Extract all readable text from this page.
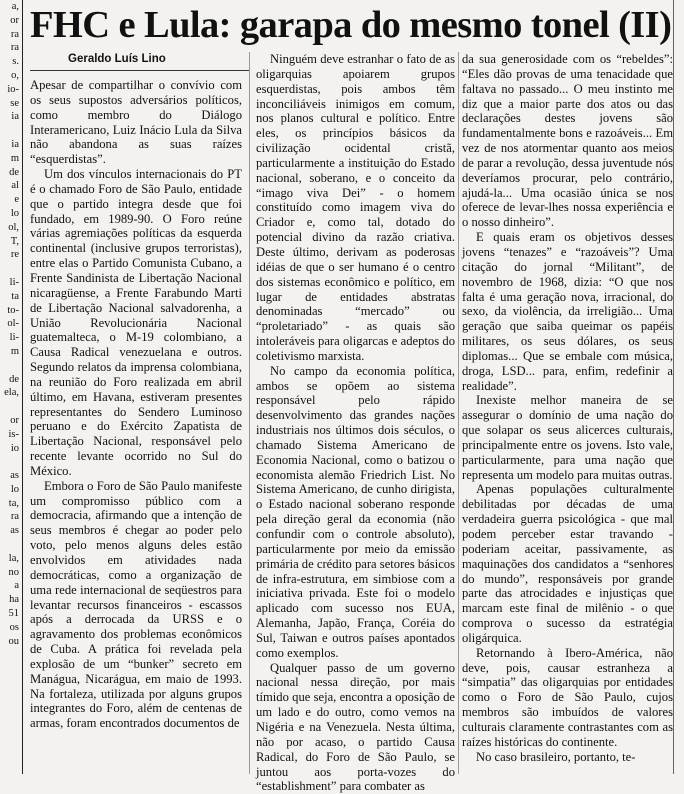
a,
or
ra
ra
s.
o,
io-
se
ia

ia
m
de
al
e
lo
ol,
T,
re

li-
ta
to-
ol-
li-
m

de
ela,

or
is-
io

as
lo
ta,
ra
as

la,
no
a
ha
51
os
ou
FHC e Lula: garapa do mesmo tonel (II)
Geraldo Luís Lino

Apesar de compartilhar o convívio com os seus supostos adversários políticos, como membro do Diálogo Interamericano, Luiz Inácio Lula da Silva não abandona as suas raízes “esquerdistas”.

Um dos vínculos internacionais do PT é o chamado Foro de São Paulo, entidade que o partido integra desde que foi fundado, em 1989-90. O Foro reúne várias agremiações políticas da esquerda continental (inclusive grupos terroristas), entre elas o Partido Comunista Cubano, a Frente Sandinista de Libertação Nacional nicaragüense, a Frente Farabundo Marti de Libertação Nacional salvadorenha, a União Revolucionária Nacional guatemalteca, o M-19 colombiano, a Causa Radical venezuelana e outros. Segundo relatos da imprensa colombiana, na reunião do Foro realizada em abril último, em Havana, estiveram presentes representantes do Sendero Luminoso peruano e do Exército Zapatista de Libertação Nacional, responsável pelo recente levante ocorrido no Sul do México.

Embora o Foro de São Paulo manifeste um compromisso público com a democracia, afirmando que a intenção de seus membros é chegar ao poder pelo voto, pelo menos alguns deles estão envolvidos em atividades nada democráticas, como a organização de uma rede internacional de seqüestros para levantar recursos financeiros - escassos após a derrocada da URSS e o agravamento dos problemas econômicos de Cuba. A prática foi revelada pela explosão de um “bunker” secreto em Manágua, Nicarágua, em maio de 1993. Na fortaleza, utilizada por alguns grupos integrantes do Foro, além de centenas de armas, foram encontrados documentos de

Ninguém deve estranhar o fato de as oligarquias apoiarem grupos esquerdistas, pois ambos têm inconciliáveis inimigos em comum, nos planos cultural e político. Entre eles, os princípios básicos da civilização ocidental cristã, particularmente a instituição do Estado nacional, soberano, e o conceito da “imago viva Dei” - o homem constituído como imagem viva do Criador e, como tal, dotado do potencial divino da razão criativa. Deste último, derivam as poderosas idéias de que o ser humano é o centro dos sistemas econômico e político, em lugar de entidades abstratas denominadas “mercado” ou “proletariado” - as quais são intoleráveis para oligarcas e adeptos do coletivismo marxista.

No campo da economia política, ambos se opõem ao sistema responsável pelo rápido desenvolvimento das grandes nações industriais nos últimos dois séculos, o chamado Sistema Americano de Economia Nacional, como o batizou o economista alemão Friedrich List. No Sistema Americano, de cunho dirigista, o Estado nacional soberano responde pela direção geral da economia (não confundir com o controle absoluto), particularmente por meio da emissão primária de crédito para setores básicos de infra-estrutura, em simbiose com a iniciativa privada. Este foi o modelo aplicado com sucesso nos EUA, Alemanha, Japão, França, Coréia do Sul, Taiwan e outros países apontados como exemplos.

Qualquer passo de um governo nacional nessa direção, por mais tímido que seja, encontra a oposição de um lado e do outro, como vemos na Nigéria e na Venezuela. Nesta última, não por acaso, o partido Causa Radical, do Foro de São Paulo, se juntou aos porta-vozes do “establishment” para combater as

da sua generosidade com os “rebeldes”: “Eles dão provas de uma tenacidade que faltava no passado... O meu instinto me diz que a maior parte dos atos ou das declarações destes jovens são fundamentalmente bons e razoáveis... Em vez de nos atormentar quanto aos meios de parar a revolução, dessa juventude nós deveríamos procurar, pelo contrário, ajudá-la... Uma ocasião única se nos oferece de levar-lhes nossa experiência e o nosso dinheiro”.

E quais eram os objetivos desses jovens “tenazes” e “razoáveis”? Uma citação do jornal “Militant”, de novembro de 1968, dizia: “O que nos falta é uma geração nova, irracional, do sexo, da violência, da irreligião... Uma geração que saiba queimar os papéis militares, os seus dólares, os seus diplomas... Que se embale com música, droga, LSD... para, enfim, redefinir a realidade”.

Inexiste melhor maneira de se assegurar o domínio de uma nação do que solapar os seus alicerces culturais, principalmente entre os jovens. Isto vale, particularmente, para uma nação que representa um modelo para muitas outras.

Apenas populações culturalmente debilitadas por décadas de uma verdadeira guerra psicológica - que mal podem perceber estar travando - poderiam aceitar, passivamente, as maquinações dos candidatos a “senhores do mundo”, responsáveis por grande parte das atrocidades e injustiças que marcam este final de milênio - o que comprova o sucesso da estratégia oligárquica.

Retornando à Ibero-América, não deve, pois, causar estranheza a “simpatia” das oligarquias por entidades como o Foro de São Paulo, cujos membros são imbuídos de valores culturais claramente contrastantes com as raízes históricas do continente.

No caso brasileiro, portanto, te-
